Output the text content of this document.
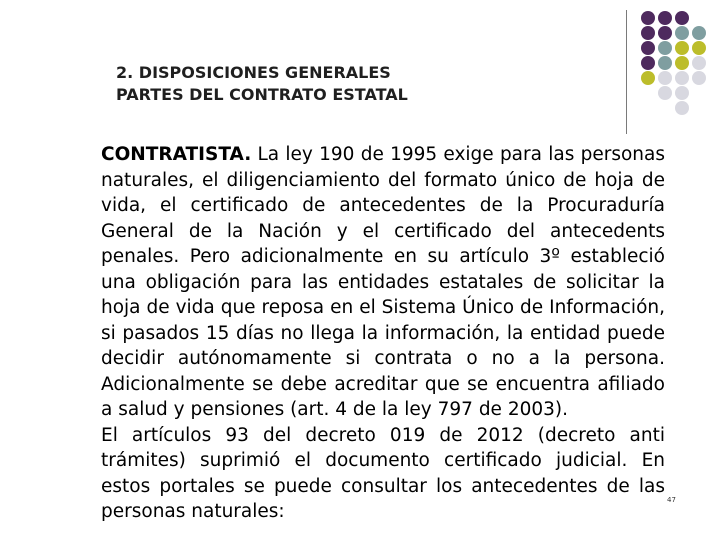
2. DISPOSICIONES GENERALES
PARTES DEL CONTRATO ESTATAL

CONTRATISTA. La ley 190 de 1995 exige para las personas naturales, el diligenciamiento del formato único de hoja de vida, el certificado de antecedentes de la Procuraduría General de la Nación y el certificado del antecedents penales. Pero adicionalmente en su artículo 3º estableció una obligación para las entidades estatales de solicitar la hoja de vida que reposa en el Sistema Único de Información, si pasados 15 días no llega la información, la entidad puede decidir autónomamente si contrata o no a la persona. Adicionalmente se debe acreditar que se encuentra afiliado a salud y pensiones (art. 4 de la ley 797 de 2003).

El artículos 93 del decreto 019 de 2012 (decreto anti trámites) suprimió el documento certificado judicial. En estos portales se puede consultar los antecedentes de las personas naturales:

47
